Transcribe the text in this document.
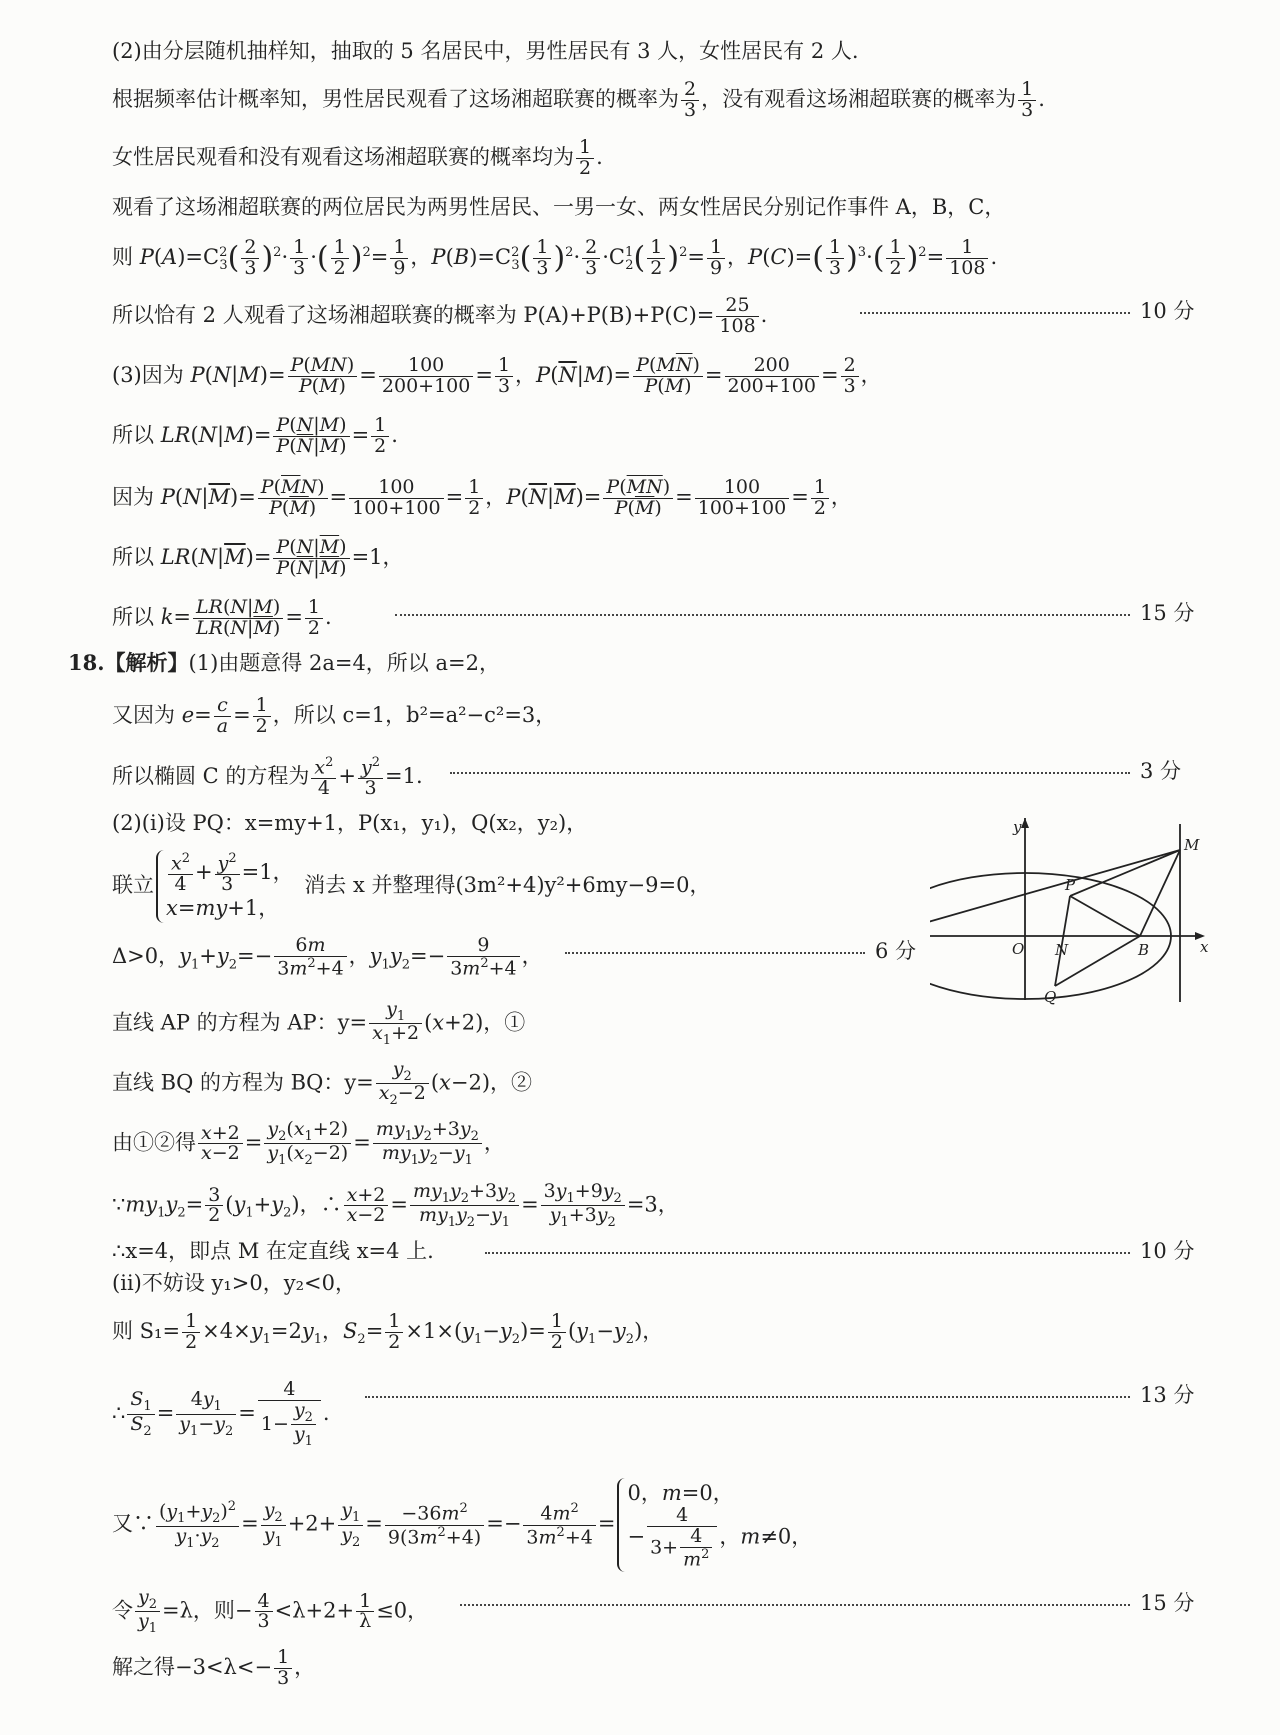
(2)由分层随机抽样知，抽取的 5 名居民中，男性居民有 3 人，女性居民有 2 人.
根据频率估计概率知，男性居民观看了这场湘超联赛的概率为 $\frac{2}{3}$ ，没有观看这场湘超联赛的概率为 $\frac{1}{3}$ .
女性居民观看和没有观看这场湘超联赛的概率均为 $\frac{1}{2}$ .
观看了这场湘超联赛的两位居民为两男性居民、一男一女、两女性居民分别记作事件 A，B，C，
则 $P(A)=C^2_3( \frac{2}{3} )^2\cdot \frac{1}{3}$ ·( $\frac{1}{2} )^2= \frac{1}{9}$ ，$P(B)=C^2_3( \frac{1}{3} )^2\cdot \frac{2}{3} \cdot C^1_2( \frac{1}{2} )^2= \frac{1}{9}$ ，$P(C)=( \frac{1}{3} )^3\cdot( \frac{1}{2} )^2= \frac{1}{108}$ .
所以恰有 2 人观看了这场湘超联赛的概率为 $P(A)+P(B)+P(C)= \frac{25}{108}$ .	10 分
(3)因为 $P(N|M)= \frac{P(MN)}{P(M)} = \frac{100}{200+100} = \frac{1}{3}$ ，$P(\overline{N}|M)= \frac{P(M\overline{N})}{P(M)} = \frac{200}{200+100} = \frac{2}{3}$ ，
所以 $LR(N|M)= \frac{P(N|M)}{P(\overline{N}|M)} = \frac{1}{2}$ .
因为 $P(N|\overline{M})= \frac{P(\overline{M}N)}{P(\overline{M})} = \frac{100}{100+100} = \frac{1}{2}$ ，$P(\overline{N}|\overline{M})= \frac{P(\overline{M}\overline{N})}{P(\overline{M})} = \frac{100}{100+100} = \frac{1}{2}$ ，
所以 $LR(N|\overline{M})= \frac{P(N|\overline{M})}{P(\overline{N}|\overline{M})} =1$，
所以 $k= \frac{LR(N|M)}{LR(N|\overline{M})} = \frac{1}{2}$ .	15 分
18.【解析】(1)由题意得 2a=4，所以 a=2，
又因为 $e= \frac{c}{a} = \frac{1}{2}$ ，所以 c=1，b²=a²−c²=3，
所以椭圆 C 的方程为 $\frac{x^2}{4} + \frac{y^2}{3} =1$.	3 分
(2)(ⅰ)设 PQ：x=my+1，P(x₁，y₁)，Q(x₂，y₂)，
联立 $\frac{x^2}{4} + \frac{y^2}{3} =1$，
x=my+1，
消去 x 并整理得(3m²+4)y²+6my−9=0，
Δ>0，$y_1+y_2=- \frac{6m}{3m^2+4}$ ，$y_1y_2=- \frac{9}{3m^2+4}$ ，	6 分
直线 AP 的方程为 AP：$y= \frac{y_1}{x_1+2} (x+2)$，①
直线 BQ 的方程为 BQ：$y= \frac{y_2}{x_2-2} (x-2)$，②
由①②得 $\frac{x+2}{x-2} = \frac{y_2(x_1+2)}{y_1(x_2-2)} = \frac{my_1y_2+3y_2}{my_1y_2-y_1}$ ，
$\because my_1y_2= \frac{3}{2} (y_1+y_2)$，∴ $\frac{x+2}{x-2} = \frac{my_1y_2+3y_2}{my_1y_2-y_1} = \frac{3y_1+9y_2}{y_1+3y_2} =3$，
∴x=4，即点 M 在定直线 x=4 上.	10 分
(ⅱ)不妨设 y₁>0，y₂<0，
则 $S_1= \frac{1}{2} \times 4\times y_1=2y_1$，$S_2= \frac{1}{2} \times 1\times(y_1-y_2)= \frac{1}{2} (y_1-y_2)$，
∴ $\frac{S_1}{S_2} = \frac{4y_1}{y_1-y_2} = \frac{4}{1- \frac{y_2}{y_1}}$ .
13 分
又∵ $\frac{(y_1+y_2)^2}{y_1\cdot y_2} = \frac{y_2}{y_1} +2+ \frac{y_1}{y_2} = \frac{-36m^2}{9(3m^2+4)} =- \frac{4m^2}{3m^2+4}$ =
0，m=0，
− $\frac{4}{3+ \frac{4}{m^2}}$ ，m≠0，
令 $\frac{y_2}{y_1} =\lambda$，则− $\frac{4}{3} <\lambda+2+ \frac{1}{\lambda} \le 0$，	15 分
解之得$-3<\lambda<- \frac{1}{3}$ ，
y
x
O	B
N
P
Q
M
